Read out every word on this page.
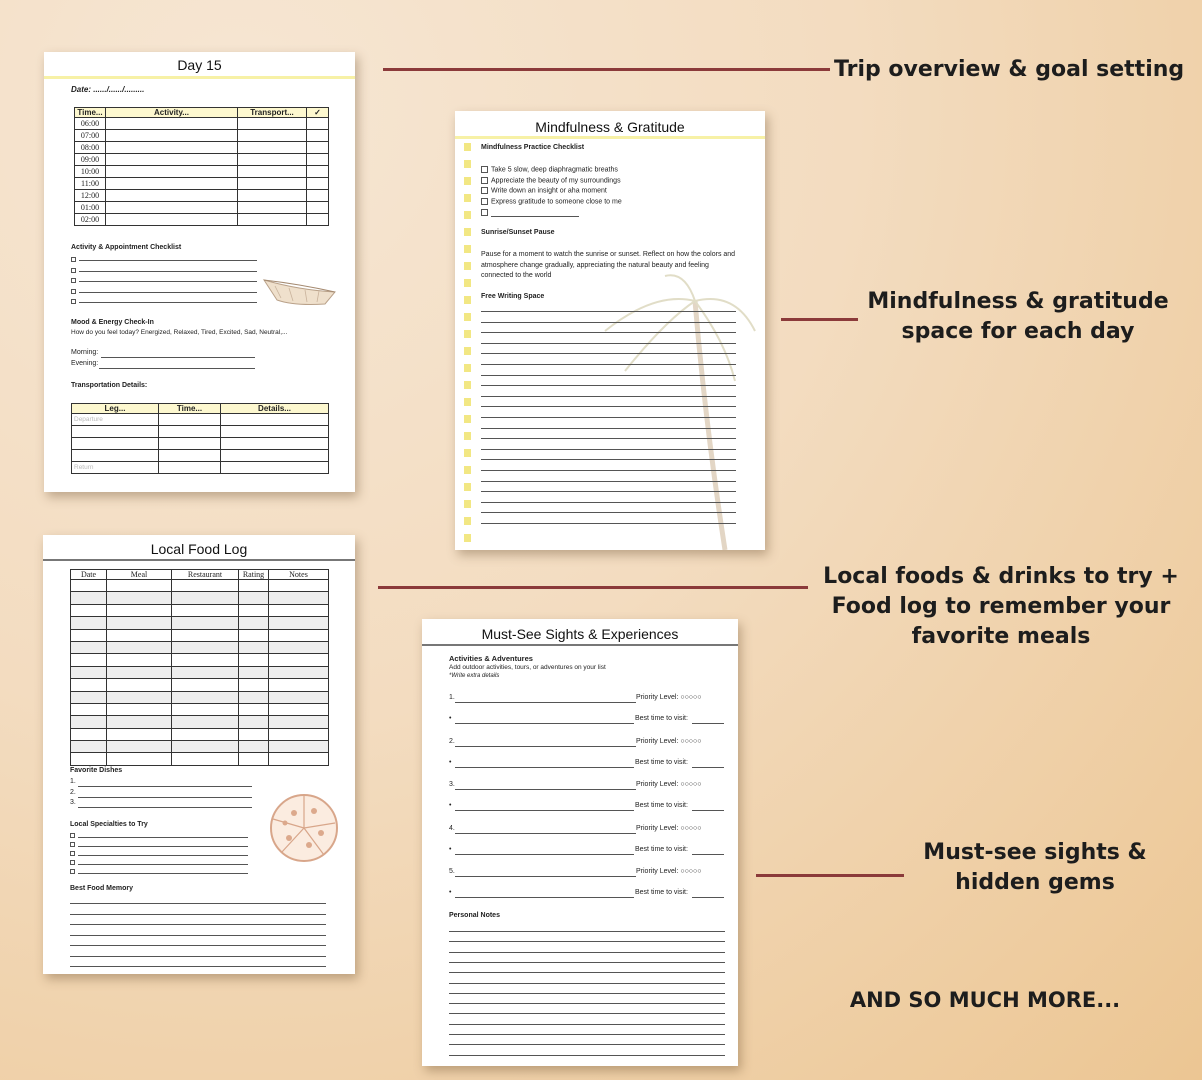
Day 15
Date: ....../....../.........
Time...	Activity...	Transport...	✓
06:00			
07:00			
08:00			
09:00			
10:00			
11:00			
12:00			
01:00			
02:00			
Activity & Appointment Checklist
Mood & Energy Check-In
How do you feel today? Energized, Relaxed, Tired, Excited, Sad, Neutral,...
Morning:
Evening:
Transportation Details:
Leg...	Time...	Details...
Departure		

Return		
Mindfulness & Gratitude
Mindfulness Practice Checklist
Sunrise/Sunset Pause
Pause for a moment to watch the sunrise or sunset. Reflect on how the colors and atmosphere change gradually, appreciating the natural beauty and feeling connected to the world
Free Writing Space
Take 5 slow, deep diaphragmatic breaths
Appreciate the beauty of my surroundings
Write down an insight or aha moment
Express gratitude to someone close to me
Local Food Log
Date	Meal	Restaurant	Rating	Notes

Favorite Dishes
Local Specialties to Try
Best Food Memory
1.
2.
3.
Must-See Sights & Experiences
Activities & Adventures
Add outdoor activities, tours, or adventures on your list
*Write extra details
Personal Notes
1.	Priority Level: ○○○○○
•	Best time to visit:
2.	Priority Level: ○○○○○
•	Best time to visit:
3.	Priority Level: ○○○○○
•	Best time to visit:
4.	Priority Level: ○○○○○
•	Best time to visit:
5.	Priority Level: ○○○○○
•	Best time to visit:
Trip overview & goal setting
Mindfulness & gratitude
space for each day
Local foods & drinks to try +
Food log to remember your
favorite meals
Must-see sights &
hidden gems
AND SO MUCH MORE...
